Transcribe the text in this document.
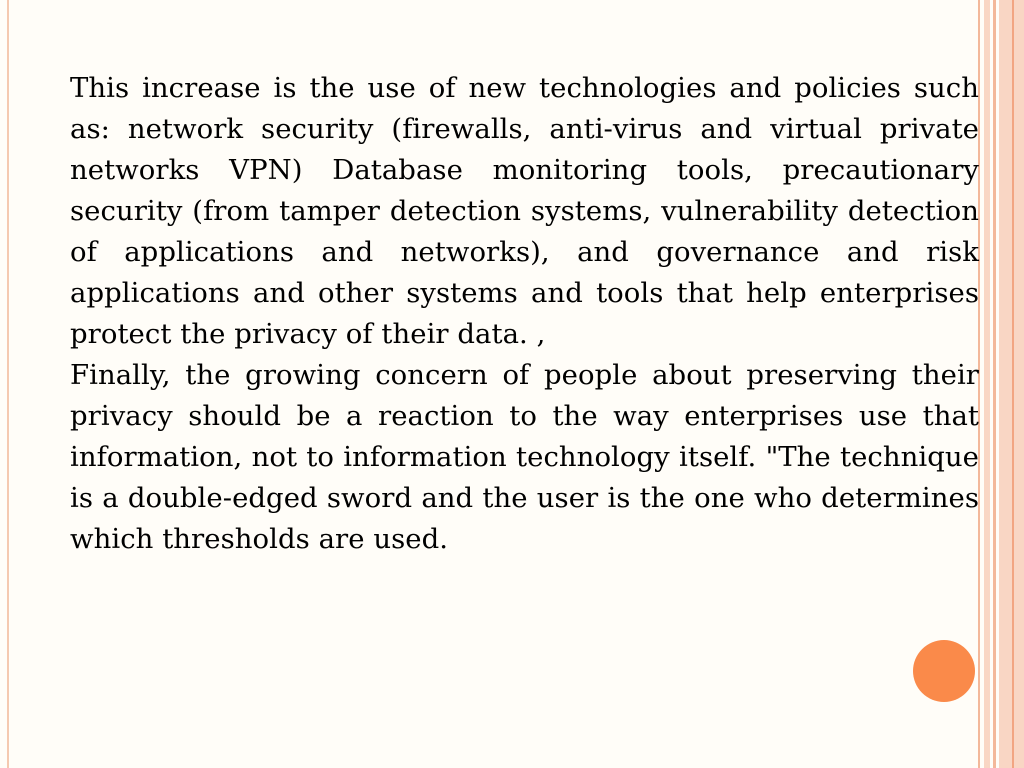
This increase is the use of new technologies and policies such as: network security (firewalls, anti-virus and virtual private networks VPN) Database monitoring tools, precautionary security (from tamper detection systems, vulnerability detection of applications and networks), and governance and risk applications and other systems and tools that help enterprises protect the privacy of their data. ,

Finally, the growing concern of people about preserving their privacy should be a reaction to the way enterprises use that information, not to information technology itself. "The technique is a double-edged sword and the user is the one who determines which thresholds are used.
